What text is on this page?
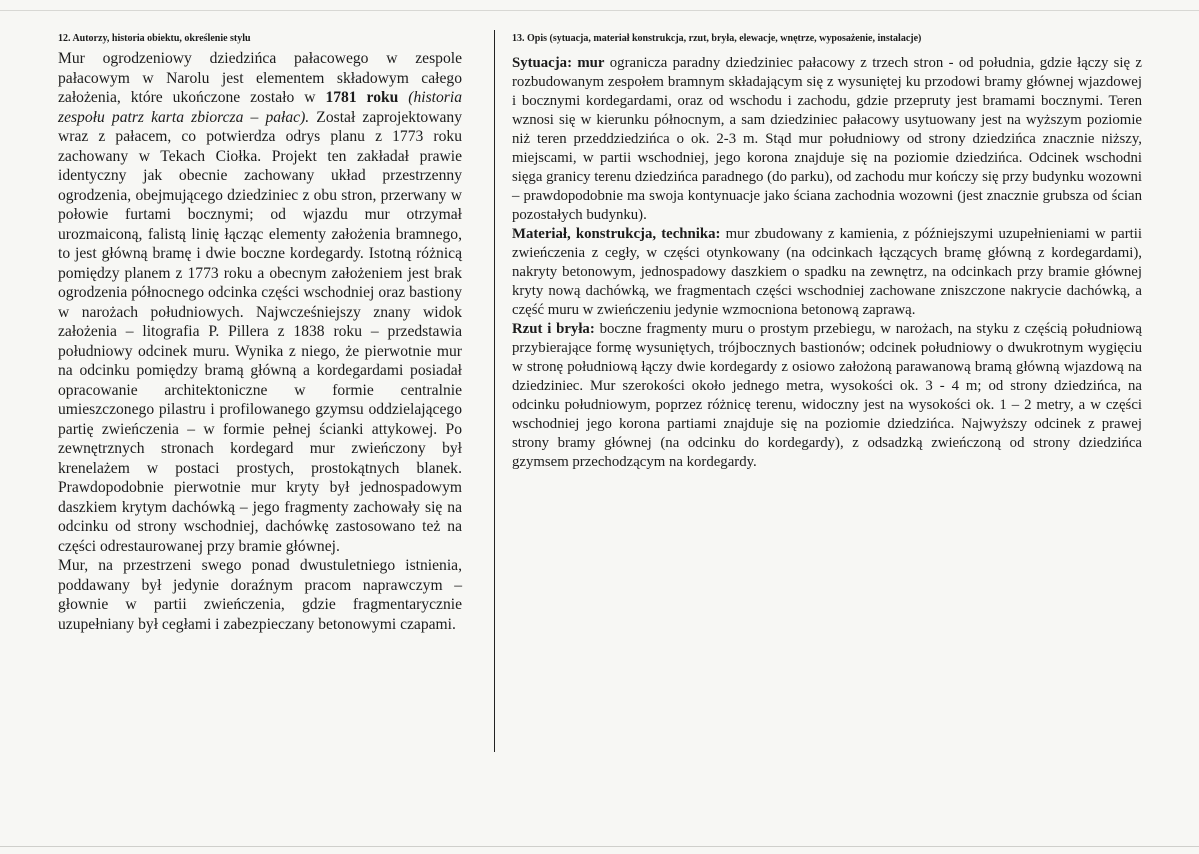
12. Autorzy, historia obiektu, określenie stylu

Mur ogrodzeniowy dziedzińca pałacowego w zespole pałacowym w Narolu jest elementem składowym całego założenia, które ukończone zostało w 1781 roku (historia zespołu patrz karta zbiorcza – pałac). Został zaprojektowany wraz z pałacem, co potwierdza odrys planu z 1773 roku zachowany w Tekach Ciołka. Projekt ten zakładał prawie identyczny jak obecnie zachowany układ przestrzenny ogrodzenia, obejmującego dziedziniec z obu stron, przerwany w połowie furtami bocznymi; od wjazdu mur otrzymał urozmaiconą, falistą linię łącząc elementy założenia bramnego, to jest główną bramę i dwie boczne kordegardy. Istotną różnicą pomiędzy planem z 1773 roku a obecnym założeniem jest brak ogrodzenia północnego odcinka części wschodniej oraz bastiony w narożach południowych. Najwcześniejszy znany widok założenia – litografia P. Pillera z 1838 roku – przedstawia południowy odcinek muru. Wynika z niego, że pierwotnie mur na odcinku pomiędzy bramą główną a kordegardami posiadał opracowanie architektoniczne w formie centralnie umieszczonego pilastru i profilowanego gzymsu oddzielającego partię zwieńczenia – w formie pełnej ścianki attykowej. Po zewnętrznych stronach kordegard mur zwieńczony był krenelażem w postaci prostych, prostokątnych blanek. Prawdopodobnie pierwotnie mur kryty był jednospadowym daszkiem krytym dachówką – jego fragmenty zachowały się na odcinku od strony wschodniej, dachówkę zastosowano też na części odrestaurowanej przy bramie głównej.

Mur, na przestrzeni swego ponad dwustuletniego istnienia, poddawany był jedynie doraźnym pracom naprawczym – głownie w partii zwieńczenia, gdzie fragmentarycznie uzupełniany był cegłami i zabezpieczany betonowymi czapami.

13. Opis (sytuacja, materiał konstrukcja, rzut, bryła, elewacje, wnętrze, wyposażenie, instalacje)

Sytuacja: mur ogranicza paradny dziedziniec pałacowy z trzech stron - od południa, gdzie łączy się z rozbudowanym zespołem bramnym składającym się z wysuniętej ku przodowi bramy głównej wjazdowej i bocznymi kordegardami, oraz od wschodu i zachodu, gdzie przepruty jest bramami bocznymi. Teren wznosi się w kierunku północnym, a sam dziedziniec pałacowy usytuowany jest na wyższym poziomie niż teren przeddziedzińca o ok. 2-3 m. Stąd mur południowy od strony dziedzińca znacznie niższy, miejscami, w partii wschodniej, jego korona znajduje się na poziomie dziedzińca. Odcinek wschodni sięga granicy terenu dziedzińca paradnego (do parku), od zachodu mur kończy się przy budynku wozowni – prawdopodobnie ma swoja kontynuacje jako ściana zachodnia wozowni (jest znacznie grubsza od ścian pozostałych budynku).

Materiał, konstrukcja, technika: mur zbudowany z kamienia, z późniejszymi uzupełnieniami w partii zwieńczenia z cegły, w części otynkowany (na odcinkach łączących bramę główną z kordegardami), nakryty betonowym, jednospadowy daszkiem o spadku na zewnętrz, na odcinkach przy bramie głównej kryty nową dachówką, we fragmentach części wschodniej zachowane zniszczone nakrycie dachówką, a część muru w zwieńczeniu jedynie wzmocniona betonową zaprawą.

Rzut i bryła: boczne fragmenty muru o prostym przebiegu, w narożach, na styku z częścią południową przybierające formę wysuniętych, trójbocznych bastionów; odcinek południowy o dwukrotnym wygięciu w stronę południową łączy dwie kordegardy z osiowo założoną parawanową bramą główną wjazdową na dziedziniec. Mur szerokości około jednego metra, wysokości ok. 3 - 4 m; od strony dziedzińca, na odcinku południowym, poprzez różnicę terenu, widoczny jest na wysokości ok. 1 – 2 metry, a w części wschodniej jego korona partiami znajduje się na poziomie dziedzińca. Najwyższy odcinek z prawej strony bramy głównej (na odcinku do kordegardy), z odsadzką zwieńczoną od strony dziedzińca gzymsem przechodzącym na kordegardy.
